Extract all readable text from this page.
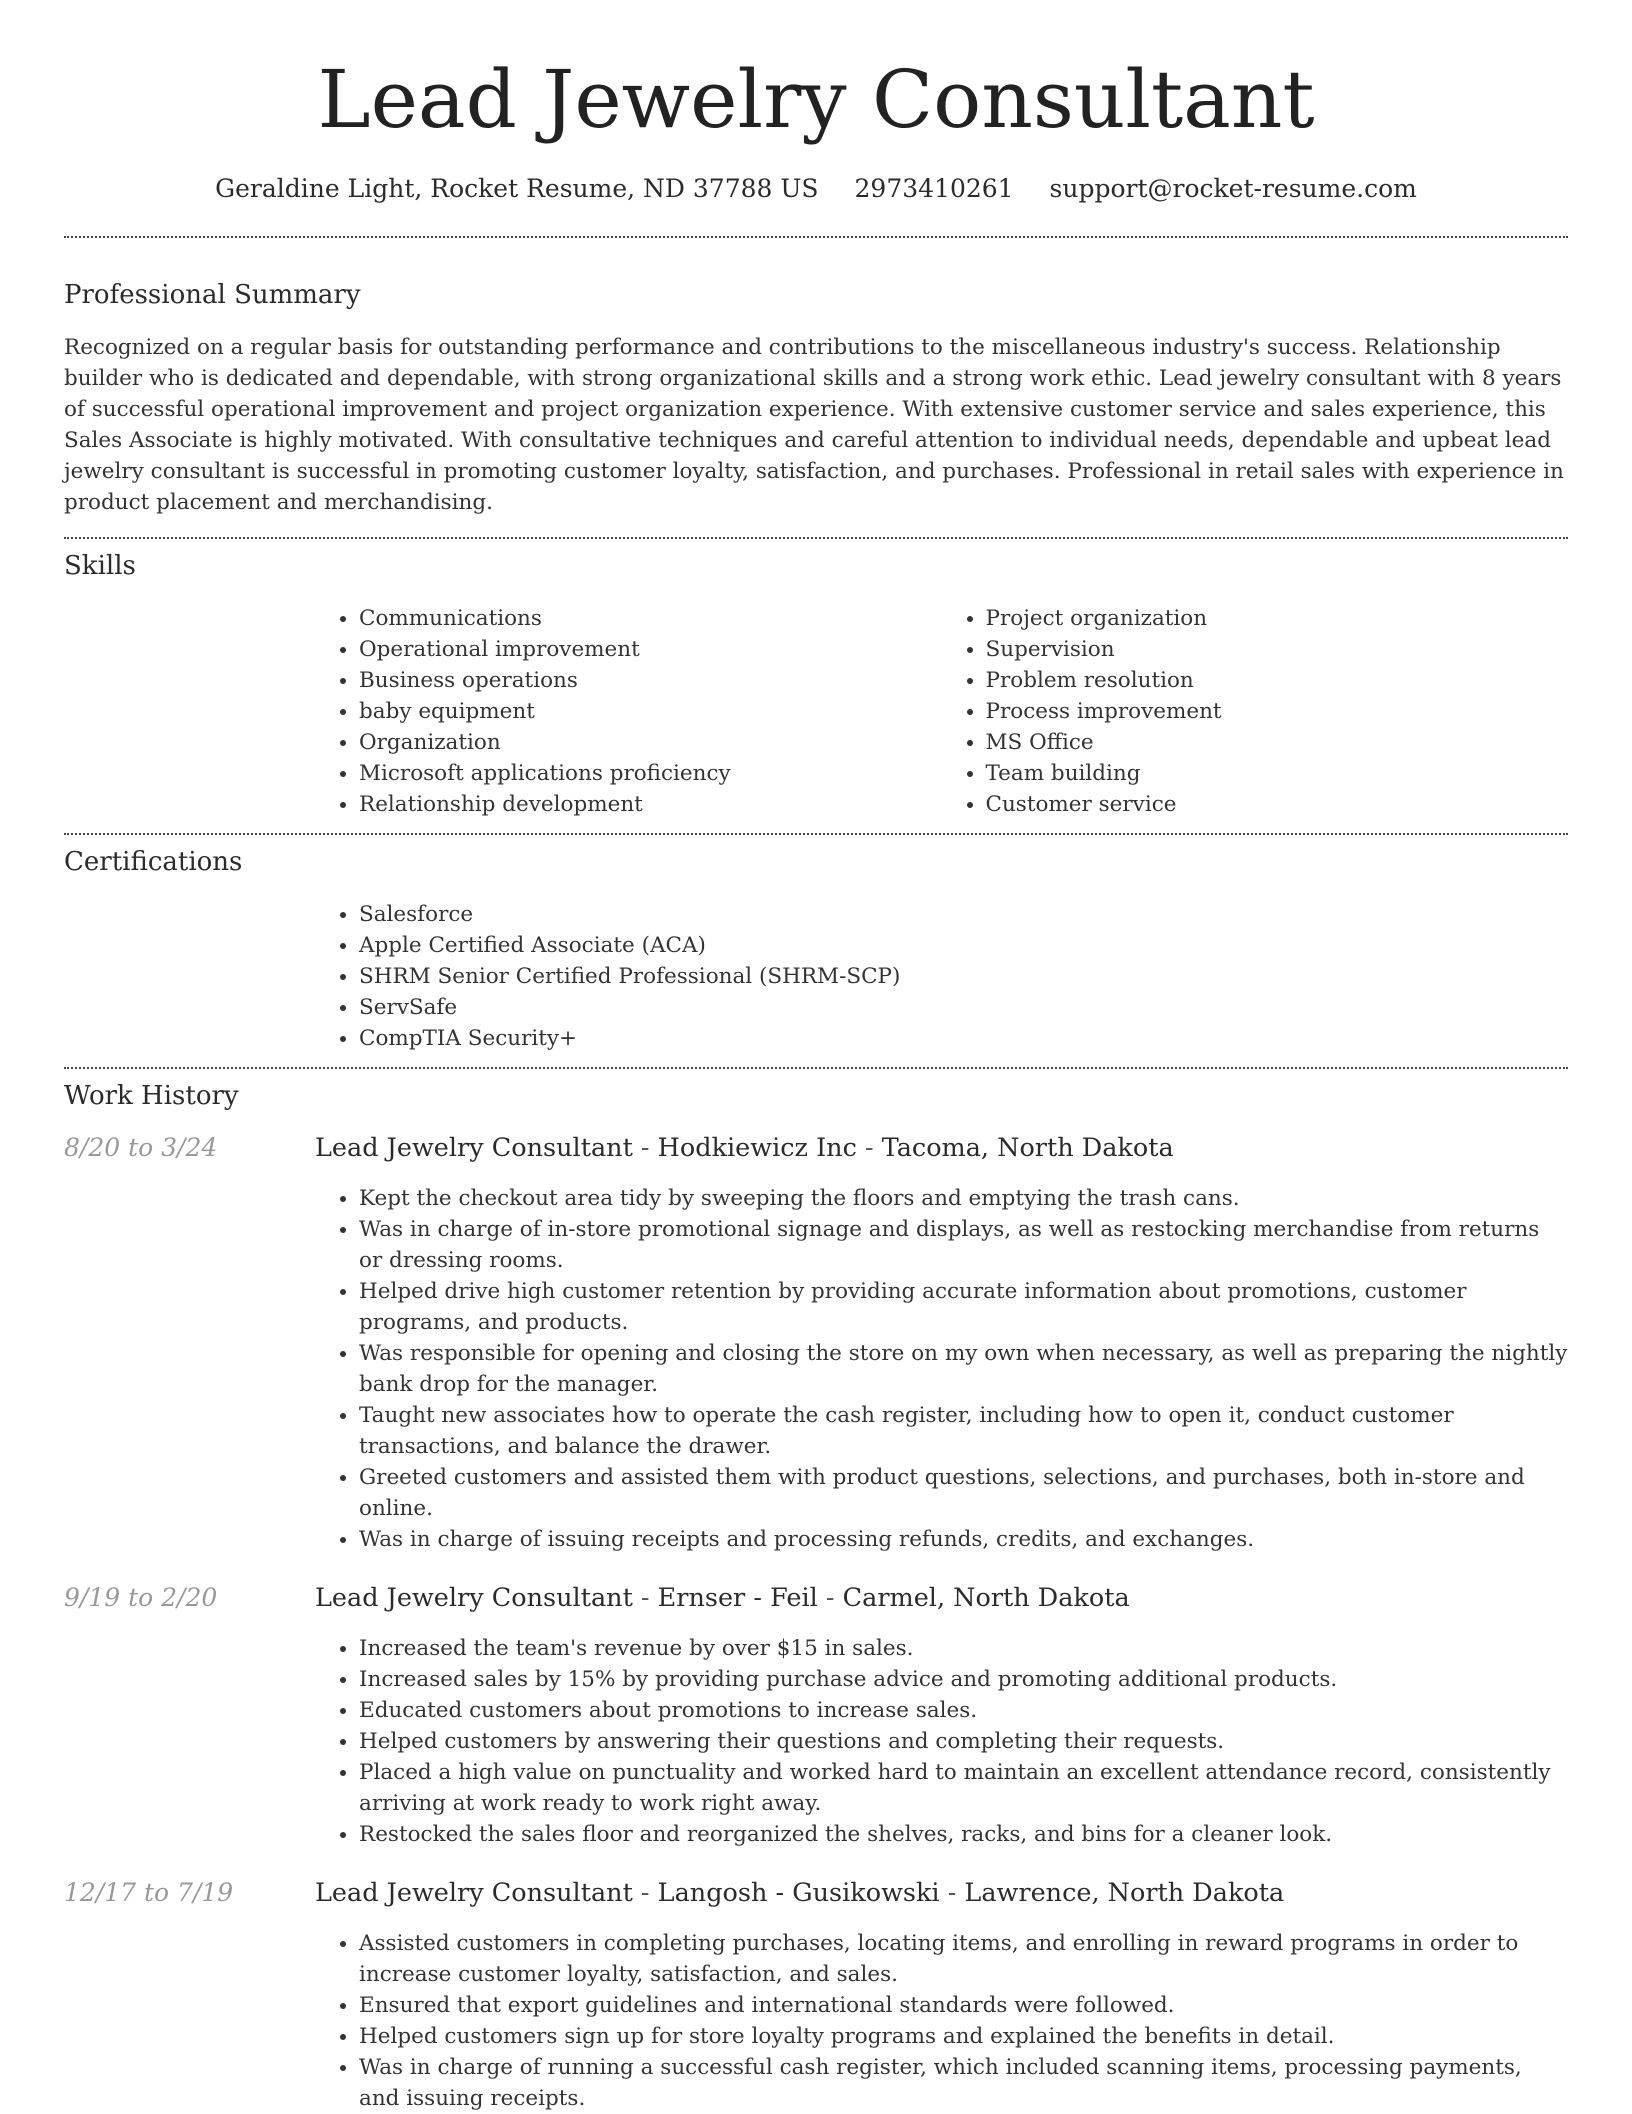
Lead Jewelry Consultant
Geraldine Light, Rocket Resume, ND 37788 US 2973410261 support@rocket-resume.com
Professional Summary

Recognized on a regular basis for outstanding performance and contributions to the miscellaneous industry's success. Relationship builder who is dedicated and dependable, with strong organizational skills and a strong work ethic. Lead jewelry consultant with 8 years of successful operational improvement and project organization experience. With extensive customer service and sales experience, this Sales Associate is highly motivated. With consultative techniques and careful attention to individual needs, dependable and upbeat lead jewelry consultant is successful in promoting customer loyalty, satisfaction, and purchases. Professional in retail sales with experience in product placement and merchandising.

Skills
• Communications
• Operational improvement
• Business operations
• baby equipment
• Organization
• Microsoft applications proficiency
• Relationship development
• Project organization
• Supervision
• Problem resolution
• Process improvement
• MS Office
• Team building
• Customer service
Certifications
• Salesforce
• Apple Certified Associate (ACA)
• SHRM Senior Certified Professional (SHRM-SCP)
• ServSafe
• CompTIA Security+
Work History
8/20 to 3/24	Lead Jewelry Consultant - Hodkiewicz Inc - Tacoma, North Dakota
• Kept the checkout area tidy by sweeping the floors and emptying the trash cans.
• Was in charge of in-store promotional signage and displays, as well as restocking merchandise from returns or dressing rooms.
• Helped drive high customer retention by providing accurate information about promotions, customer programs, and products.
• Was responsible for opening and closing the store on my own when necessary, as well as preparing the nightly bank drop for the manager.
• Taught new associates how to operate the cash register, including how to open it, conduct customer transactions, and balance the drawer.
• Greeted customers and assisted them with product questions, selections, and purchases, both in-store and online.
• Was in charge of issuing receipts and processing refunds, credits, and exchanges.
9/19 to 2/20	Lead Jewelry Consultant - Ernser - Feil - Carmel, North Dakota
• Increased the team's revenue by over $15 in sales.
• Increased sales by 15% by providing purchase advice and promoting additional products.
• Educated customers about promotions to increase sales.
• Helped customers by answering their questions and completing their requests.
• Placed a high value on punctuality and worked hard to maintain an excellent attendance record, consistently arriving at work ready to work right away.
• Restocked the sales floor and reorganized the shelves, racks, and bins for a cleaner look.
12/17 to 7/19	Lead Jewelry Consultant - Langosh - Gusikowski - Lawrence, North Dakota
• Assisted customers in completing purchases, locating items, and enrolling in reward programs in order to increase customer loyalty, satisfaction, and sales.
• Ensured that export guidelines and international standards were followed.
• Helped customers sign up for store loyalty programs and explained the benefits in detail.
• Was in charge of running a successful cash register, which included scanning items, processing payments, and issuing receipts.
